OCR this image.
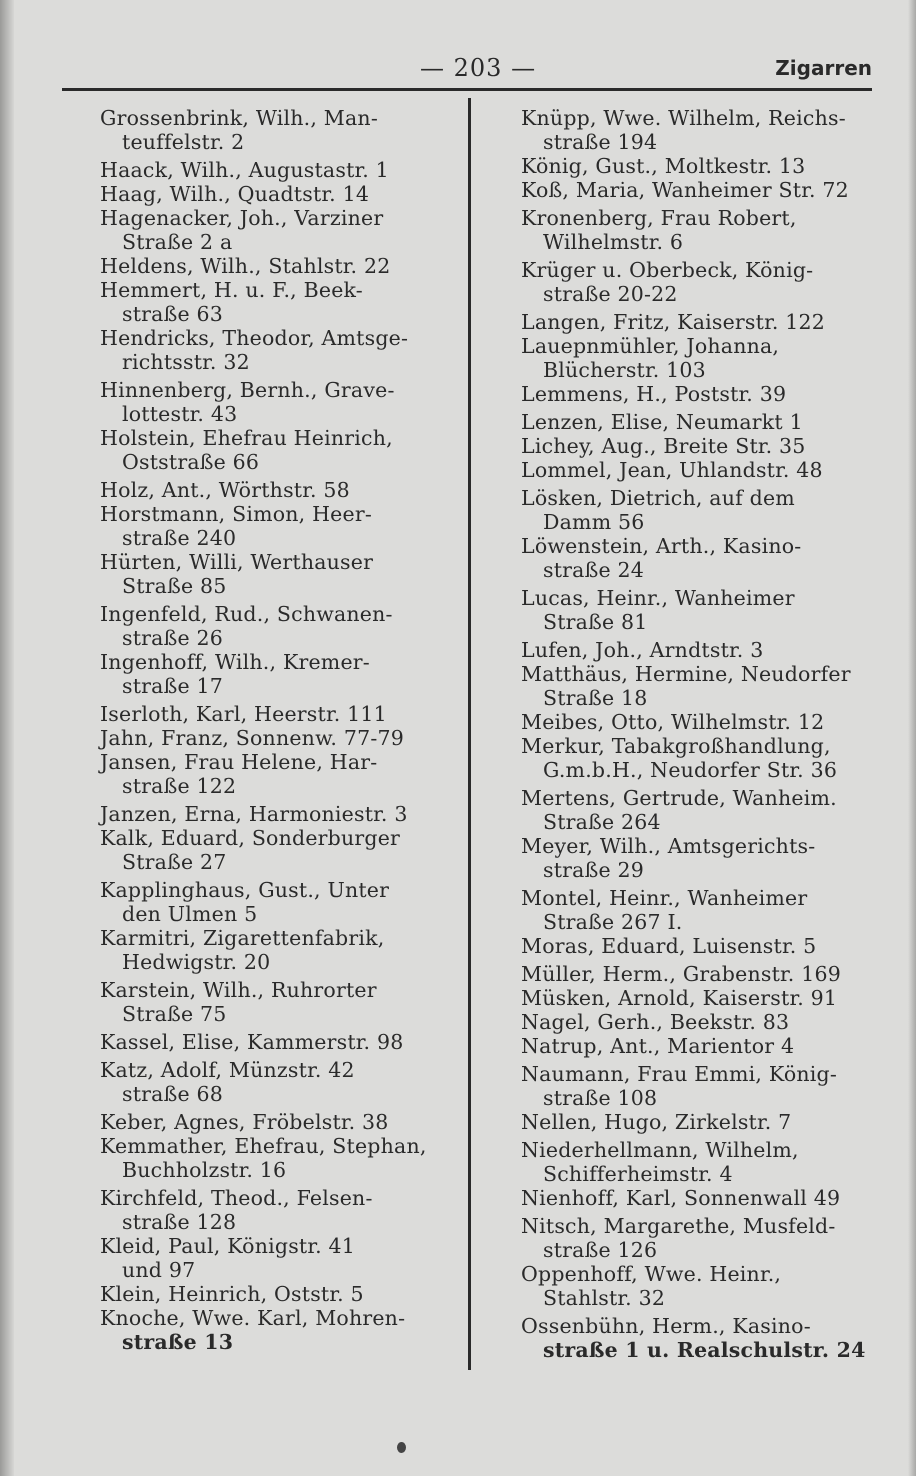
— 203 —	Zigarren

Grossenbrink, Wilh., Man-
teuffelstr. 2

Haack, Wilh., Augustastr. 1

Haag, Wilh., Quadtstr. 14

Hagenacker, Joh., Varziner
Straße 2 a

Heldens, Wilh., Stahlstr. 22

Hemmert, H. u. F., Beek-
straße 63

Hendricks, Theodor, Amtsge-
richtsstr. 32

Hinnenberg, Bernh., Grave-
lottestr. 43

Holstein, Ehefrau Heinrich,
Oststraße 66

Holz, Ant., Wörthstr. 58

Horstmann, Simon, Heer-
straße 240

Hürten, Willi, Werthauser
Straße 85

Ingenfeld, Rud., Schwanen-
straße 26

Ingenhoff, Wilh., Kremer-
straße 17

Iserloth, Karl, Heerstr. 111

Jahn, Franz, Sonnenw. 77-79

Jansen, Frau Helene, Har-
straße 122

Janzen, Erna, Harmoniestr. 3

Kalk, Eduard, Sonderburger
Straße 27

Kapplinghaus, Gust., Unter
den Ulmen 5

Karmitri, Zigarettenfabrik,
Hedwigstr. 20

Karstein, Wilh., Ruhrorter
Straße 75

Kassel, Elise, Kammerstr. 98

Katz, Adolf, Münzstr. 42
straße 68

Keber, Agnes, Fröbelstr. 38

Kemmather, Ehefrau, Stephan,
Buchholzstr. 16

Kirchfeld, Theod., Felsen-
straße 128

Kleid, Paul, Königstr. 41
und 97

Klein, Heinrich, Oststr. 5

Knoche, Wwe. Karl, Mohren-
straße 13

Knüpp, Wwe. Wilhelm, Reichs-
straße 194

König, Gust., Moltkestr. 13

Koß, Maria, Wanheimer Str. 72

Kronenberg, Frau Robert,
Wilhelmstr. 6

Krüger u. Oberbeck, König-
straße 20-22

Langen, Fritz, Kaiserstr. 122

Lauepnmühler, Johanna,
Blücherstr. 103

Lemmens, H., Poststr. 39

Lenzen, Elise, Neumarkt 1

Lichey, Aug., Breite Str. 35

Lommel, Jean, Uhlandstr. 48

Lösken, Dietrich, auf dem
Damm 56

Löwenstein, Arth., Kasino-
straße 24

Lucas, Heinr., Wanheimer
Straße 81

Lufen, Joh., Arndtstr. 3

Matthäus, Hermine, Neudorfer
Straße 18

Meibes, Otto, Wilhelmstr. 12

Merkur, Tabakgroßhandlung,
G.m.b.H., Neudorfer Str. 36

Mertens, Gertrude, Wanheim.
Straße 264

Meyer, Wilh., Amtsgerichts-
straße 29

Montel, Heinr., Wanheimer
Straße 267 I.

Moras, Eduard, Luisenstr. 5

Müller, Herm., Grabenstr. 169

Müsken, Arnold, Kaiserstr. 91

Nagel, Gerh., Beekstr. 83

Natrup, Ant., Marientor 4

Naumann, Frau Emmi, König-
straße 108

Nellen, Hugo, Zirkelstr. 7

Niederhellmann, Wilhelm,
Schifferheimstr. 4

Nienhoff, Karl, Sonnenwall 49

Nitsch, Margarethe, Musfeld-
straße 126

Oppenhoff, Wwe. Heinr.,
Stahlstr. 32

Ossenbühn, Herm., Kasino-
straße 1 u. Realschulstr. 24
